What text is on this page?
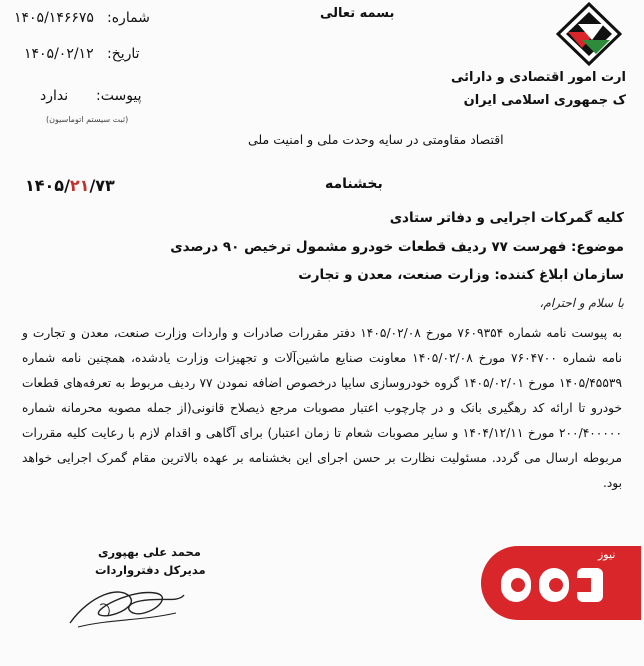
ارت امور اقتصادی و دارائی
ک جمهوری اسلامی ایران
بسمه تعالی
شماره:
۱۴۰۵/۱۴۶۶۷۵
تاریخ:
۱۴۰۵/۰۲/۱۲
پیوست:
ندارد
(ثبت سیستم اتوماسیون)
اقتصاد مقاومتی در سایه وحدت ملی و امنیت ملی
بخشنامه
۱۴۰۵/۲۱/۷۳
کلیه گمرکات اجرایی و دفاتر ستادی
موضوع: فهرست ۷۷ ردیف قطعات خودرو مشمول ترخیص ۹۰ درصدی
سازمان ابلاغ کننده: وزارت صنعت، معدن و تجارت
با سلام و احترام،
به پیوست نامه شماره ۷۶۰۹۳۵۴ مورخ ۱۴۰۵/۰۲/۰۸ دفتر مقررات صادرات و واردات وزارت صنعت، معدن و تجارت و نامه شماره ۷۶۰۴۷۰۰ مورخ ۱۴۰۵/۰۲/۰۸ معاونت صنایع ماشین‌آلات و تجهیزات وزارت یادشده، همچنین نامه شماره ۱۴۰۵/۴۵۵۳۹ مورخ ۱۴۰۵/۰۲/۰۱ گروه خودروسازی سایپا درخصوص اضافه نمودن ۷۷ ردیف مربوط به تعرفه‌های قطعات خودرو تا ارائه کد رهگیری بانک و در چارچوب اعتبار مصوبات مرجع ذیصلاح قانونی(از جمله مصوبه محرمانه شماره ۲۰۰/۴۰۰۰۰۰ مورخ ۱۴۰۴/۱۲/۱۱ و سایر مصوبات شعام تا زمان اعتبار) برای آگاهی و اقدام لازم با رعایت کلیه مقررات مربوطه ارسال می گردد. مسئولیت نظارت بر حسن اجرای این بخشنامه بر عهده بالاترین مقام گمرک اجرایی خواهد بود.
محمد علی بهپوری
مدیرکل دفترواردات
نیوز
